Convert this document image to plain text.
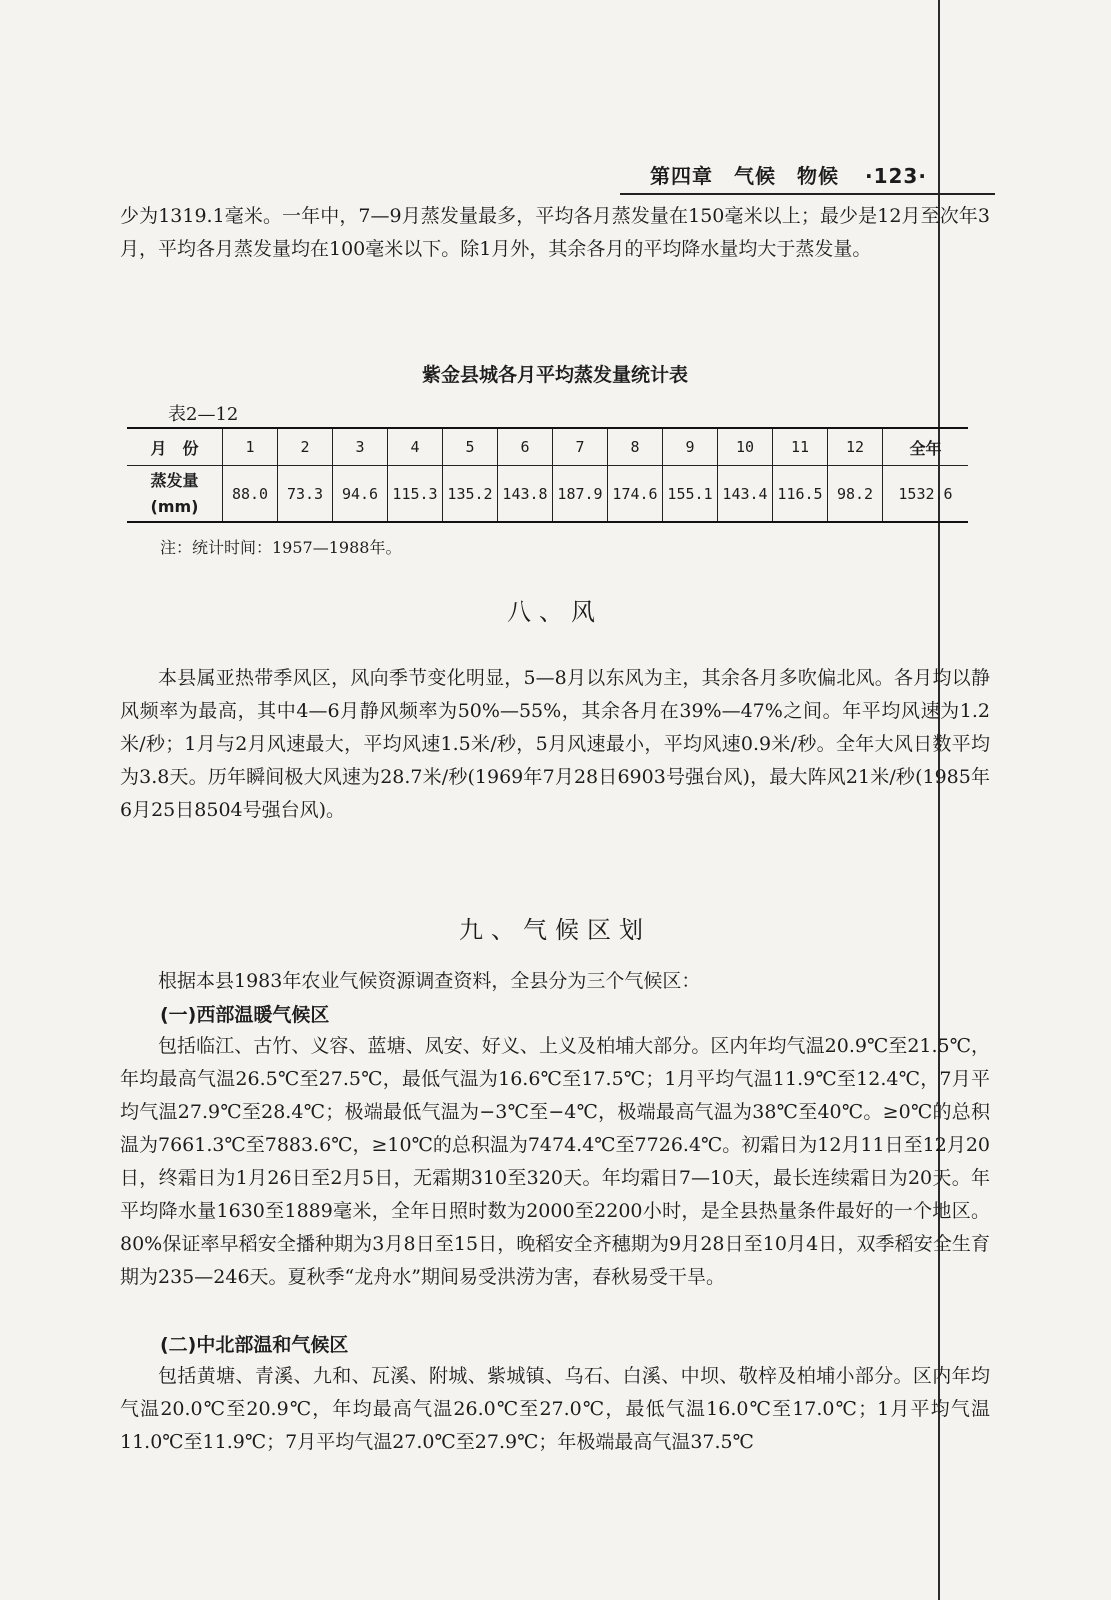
第四章　气候　物候 ·123·

少为1319.1毫米。一年中，7—9月蒸发量最多，平均各月蒸发量在150毫米以上；最少是12月至次年3月，平均各月蒸发量均在100毫米以下。除1月外，其余各月的平均降水量均大于蒸发量。

紫金县城各月平均蒸发量统计表
表2—12
月　份	1	2	3	4	5	6	7	8	9	10	11	12	全年

蒸发量
(mm)	88.0	73.3	94.6	115.3	135.2	143.8	187.9	174.6	155.1	143.4	116.5	98.2	1532.6
注：统计时间：1957—1988年。
八、风

本县属亚热带季风区，风向季节变化明显，5—8月以东风为主，其余各月多吹偏北风。各月均以静风频率为最高，其中4—6月静风频率为50%—55%，其余各月在39%—47%之间。年平均风速为1.2米/秒；1月与2月风速最大，平均风速1.5米/秒，5月风速最小，平均风速0.9米/秒。全年大风日数平均为3.8天。历年瞬间极大风速为28.7米/秒(1969年7月28日6903号强台风)，最大阵风21米/秒(1985年6月25日8504号强台风)。

九、气候区划

根据本县1983年农业气候资源调查资料，全县分为三个气候区：

(一)西部温暖气候区

包括临江、古竹、义容、蓝塘、凤安、好义、上义及柏埔大部分。区内年均气温20.9℃至21.5℃，年均最高气温26.5℃至27.5℃，最低气温为16.6℃至17.5℃；1月平均气温11.9℃至12.4℃，7月平均气温27.9℃至28.4℃；极端最低气温为−3℃至−4℃，极端最高气温为38℃至40℃。≥0℃的总积温为7661.3℃至7883.6℃，≥10℃的总积温为7474.4℃至7726.4℃。初霜日为12月11日至12月20日，终霜日为1月26日至2月5日，无霜期310至320天。年均霜日7—10天，最长连续霜日为20天。年平均降水量1630至1889毫米，全年日照时数为2000至2200小时，是全县热量条件最好的一个地区。80%保证率早稻安全播种期为3月8日至15日，晚稻安全齐穗期为9月28日至10月4日，双季稻安全生育期为235—246天。夏秋季“龙舟水”期间易受洪涝为害，春秋易受干旱。

(二)中北部温和气候区

包括黄塘、青溪、九和、瓦溪、附城、紫城镇、乌石、白溪、中坝、敬梓及柏埔小部分。区内年均气温20.0℃至20.9℃，年均最高气温26.0℃至27.0℃，最低气温16.0℃至17.0℃；1月平均气温11.0℃至11.9℃；7月平均气温27.0℃至27.9℃；年极端最高气温37.5℃
